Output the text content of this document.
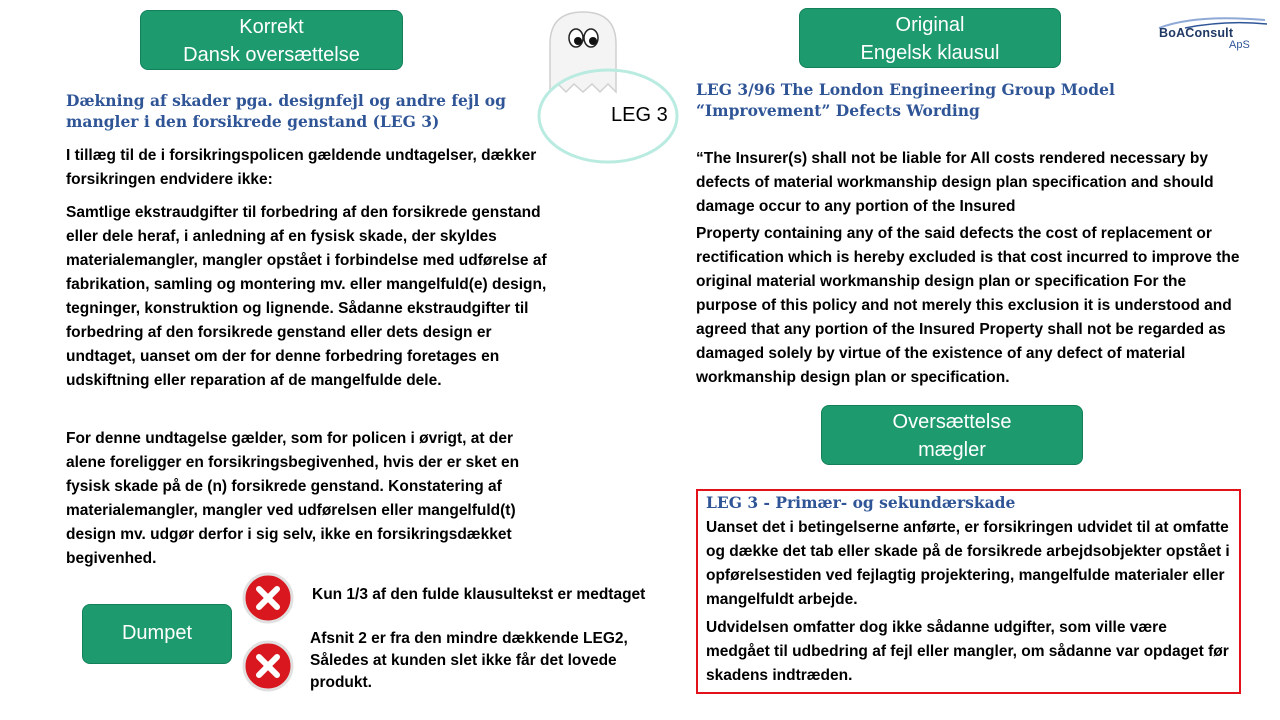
Korrekt
Dansk oversættelse
Dækning af skader pga. designfejl og andre fejl og mangler i den forsikrede genstand (LEG 3)

I tillæg til de i forsikringspolicen gældende undtagelser, dækker forsikringen endvidere ikke:

Samtlige ekstraudgifter til forbedring af den forsikrede genstand eller dele heraf, i anledning af en fysisk skade, der skyldes materialemangler, mangler opstået i forbindelse med udførelse af fabrikation, samling og montering mv. eller mangelfuld(e) design, tegninger, konstruktion og lignende. Sådanne ekstraudgifter til forbedring af den forsikrede genstand eller dets design er undtaget, uanset om der for denne forbedring foretages en udskiftning eller reparation af de mangelfulde dele.

For denne undtagelse gælder, som for policen i øvrigt, at der alene foreligger en forsikringsbegivenhed, hvis der er sket en fysisk skade på de (n) forsikrede genstand. Konstatering af materialemangler, mangler ved udførelsen eller mangelfuld(t) design mv. udgør derfor i sig selv, ikke en forsikringsdækket begivenhed.

LEG 3
Original
Engelsk klausul
BoAConsult
ApS
LEG 3/96 The London Engineering Group Model “Improvement” Defects Wording

“The Insurer(s) shall not be liable for All costs rendered necessary by defects of material workmanship design plan specification and should damage occur to any portion of the Insured

Property containing any of the said defects the cost of replacement or rectification which is hereby excluded is that cost incurred to improve the original material workmanship design plan or specification For the purpose of this policy and not merely this exclusion it is understood and agreed that any portion of the Insured Property shall not be regarded as damaged solely by virtue of the existence of any defect of material workmanship design plan or specification.

Oversættelse
mægler
LEG 3 - Primær- og sekundærskade

Uanset det i betingelserne anførte, er forsikringen udvidet til at omfatte og dække det tab eller skade på de forsikrede arbejdsobjekter opstået i opførelsestiden ved fejlagtig projektering, mangelfulde materialer eller mangelfuldt arbejde.

Udvidelsen omfatter dog ikke sådanne udgifter, som ville være medgået til udbedring af fejl eller mangler, om sådanne var opdaget før skadens indtræden.

Dumpet
Kun 1/3 af den fulde klausultekst er medtaget
Afsnit 2 er fra den mindre dækkende LEG2, Således at kunden slet ikke får det lovede produkt.
